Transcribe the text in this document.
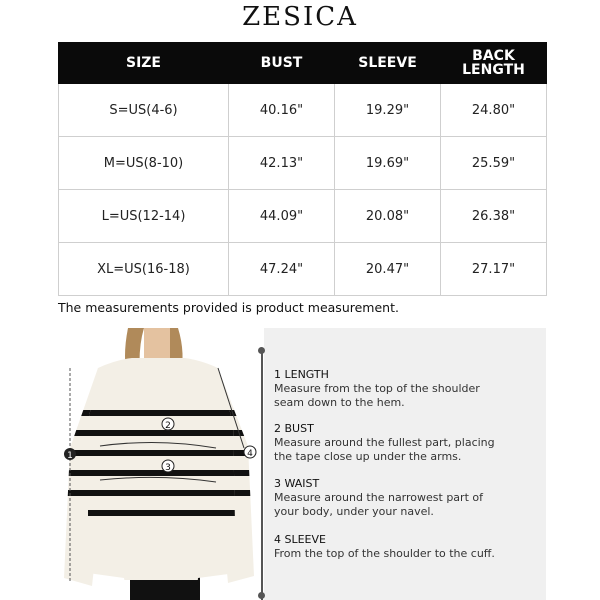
ZESICA
SIZE	BUST	SLEEVE	BACK LENGTH
S=US(4-6)	40.16"	19.29"	24.80"
M=US(8-10)	42.13"	19.69"	25.59"
L=US(12-14)	44.09"	20.08"	26.38"
XL=US(16-18)	47.24"	20.47"	27.17"
The measurements provided is product measurement.
1
2
3
4
1 LENGTH
Measure from the top of the shoulder seam down to the hem.
2 BUST
Measure around the fullest part, placing the tape close up under the arms.
3 WAIST
Measure around the narrowest part of your body, under your navel.
4 SLEEVE
From the top of the shoulder to the cuff.
